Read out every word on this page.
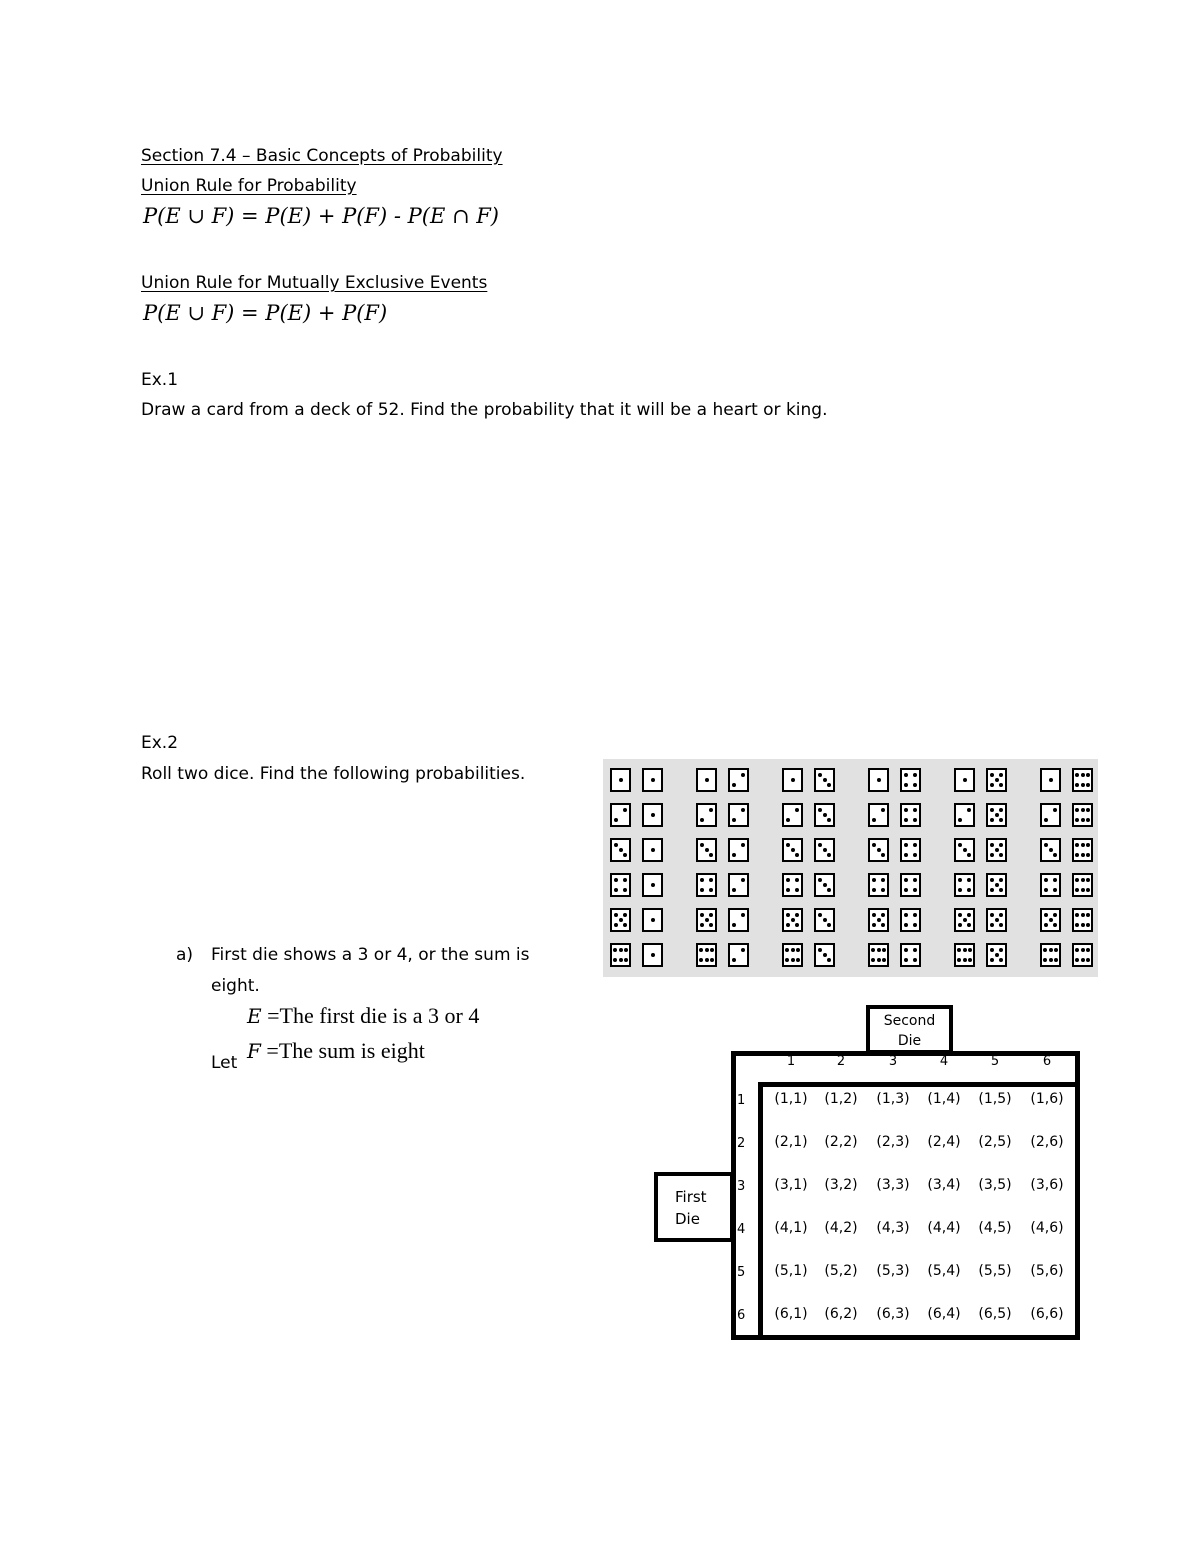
Section 7.4 – Basic Concepts of Probability
Union Rule for Probability
P(E ∪ F) = P(E) + P(F) - P(E ∩ F)
Union Rule for Mutually Exclusive Events
P(E ∪ F) = P(E) + P(F)
Ex.1
Draw a card from a deck of 52. Find the probability that it will be a heart or king.
Ex.2
Roll two dice. Find the following probabilities.
a) First die shows a 3 or 4, or the sum is
eight.
E =The first die is a 3 or 4
Let F =The sum is eight
Second
Die
First
Die
1	2	3	4	5	6
1
2
3
4
5
6
(1,1)	(1,2)	(1,3)	(1,4)	(1,5)	(1,6)
(2,1)	(2,2)	(2,3)	(2,4)	(2,5)	(2,6)
(3,1)	(3,2)	(3,3)	(3,4)	(3,5)	(3,6)
(4,1)	(4,2)	(4,3)	(4,4)	(4,5)	(4,6)
(5,1)	(5,2)	(5,3)	(5,4)	(5,5)	(5,6)
(6,1)	(6,2)	(6,3)	(6,4)	(6,5)	(6,6)
